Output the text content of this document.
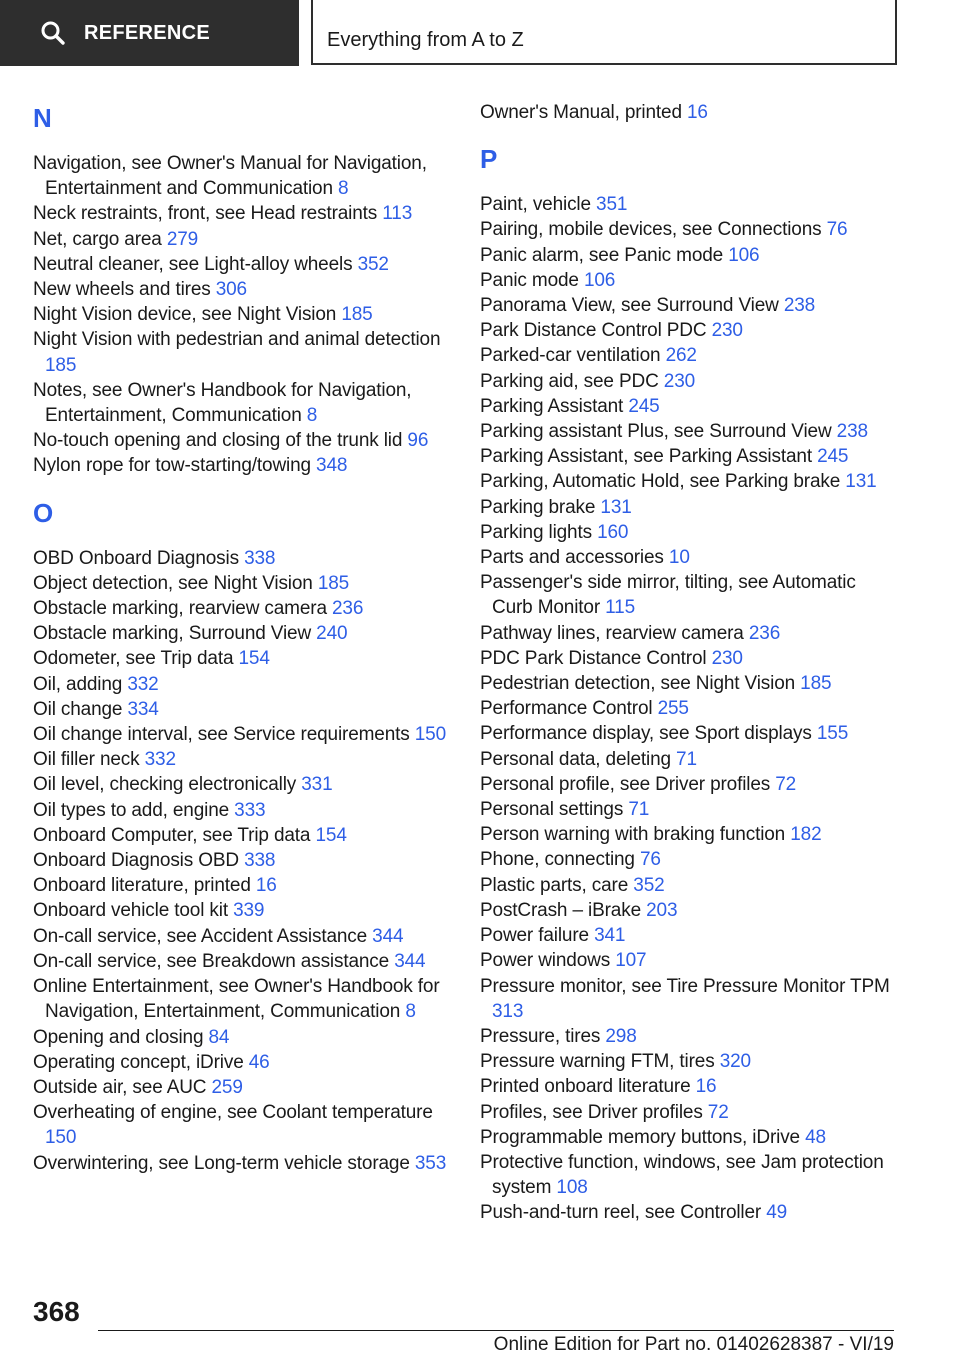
REFERENCE	Everything from A to Z
N
Navigation, see Owner's Manual for Navigation, Entertainment and Communication 8
Neck restraints, front, see Head restraints 113
Net, cargo area 279
Neutral cleaner, see Light-alloy wheels 352
New wheels and tires 306
Night Vision device, see Night Vision 185
Night Vision with pedestrian and animal detection 185
Notes, see Owner's Handbook for Navigation, Entertainment, Communication 8
No-touch opening and closing of the trunk lid 96
Nylon rope for tow-starting/towing 348
O
OBD Onboard Diagnosis 338
Object detection, see Night Vision 185
Obstacle marking, rearview camera 236
Obstacle marking, Surround View 240
Odometer, see Trip data 154
Oil, adding 332
Oil change 334
Oil change interval, see Service requirements 150
Oil filler neck 332
Oil level, checking electronically 331
Oil types to add, engine 333
Onboard Computer, see Trip data 154
Onboard Diagnosis OBD 338
Onboard literature, printed 16
Onboard vehicle tool kit 339
On-call service, see Accident Assistance 344
On-call service, see Breakdown assistance 344
Online Entertainment, see Owner's Handbook for Navigation, Entertainment, Communication 8
Opening and closing 84
Operating concept, iDrive 46
Outside air, see AUC 259
Overheating of engine, see Coolant temperature 150
Overwintering, see Long-term vehicle storage 353
Owner's Manual, printed 16
P
Paint, vehicle 351
Pairing, mobile devices, see Connections 76
Panic alarm, see Panic mode 106
Panic mode 106
Panorama View, see Surround View 238
Park Distance Control PDC 230
Parked-car ventilation 262
Parking aid, see PDC 230
Parking Assistant 245
Parking assistant Plus, see Surround View 238
Parking Assistant, see Parking Assistant 245
Parking, Automatic Hold, see Parking brake 131
Parking brake 131
Parking lights 160
Parts and accessories 10
Passenger's side mirror, tilting, see Automatic Curb Monitor 115
Pathway lines, rearview camera 236
PDC Park Distance Control 230
Pedestrian detection, see Night Vision 185
Performance Control 255
Performance display, see Sport displays 155
Personal data, deleting 71
Personal profile, see Driver profiles 72
Personal settings 71
Person warning with braking function 182
Phone, connecting 76
Plastic parts, care 352
PostCrash – iBrake 203
Power failure 341
Power windows 107
Pressure monitor, see Tire Pressure Monitor TPM 313
Pressure, tires 298
Pressure warning FTM, tires 320
Printed onboard literature 16
Profiles, see Driver profiles 72
Programmable memory buttons, iDrive 48
Protective function, windows, see Jam protection system 108
Push-and-turn reel, see Controller 49
368
Online Edition for Part no. 01402628387 - VI/19
